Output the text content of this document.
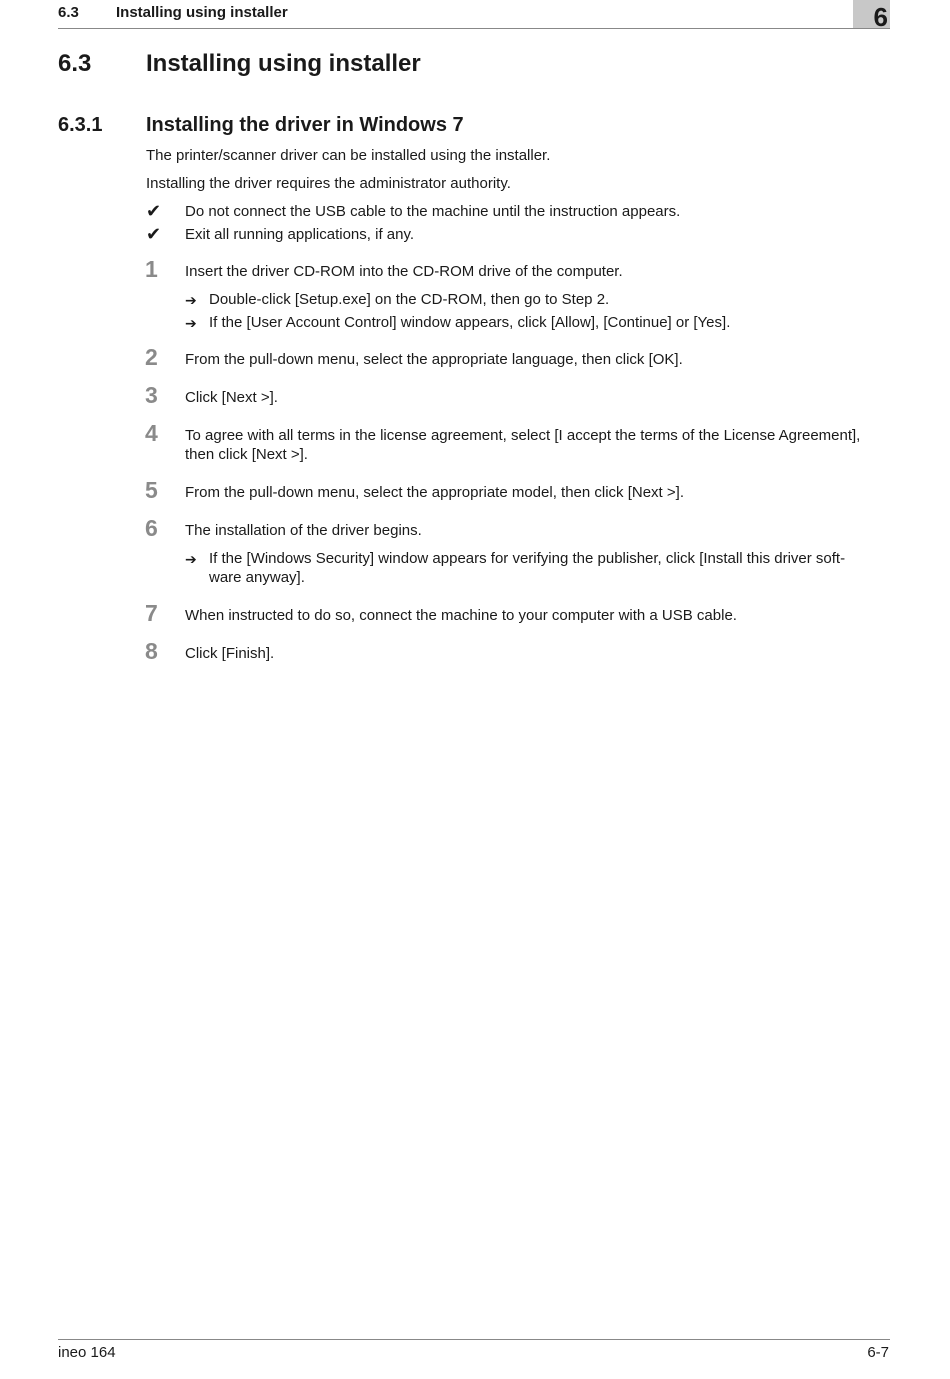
6.3 Installing using installer	6
6.3 Installing using installer
6.3.1 Installing the driver in Windows 7
The printer/scanner driver can be installed using the installer.
Installing the driver requires the administrator authority.
✔ Do not connect the USB cable to the machine until the instruction appears.
✔ Exit all running applications, if any.
1 Insert the driver CD-ROM into the CD-ROM drive of the computer.
➔ Double-click [Setup.exe] on the CD-ROM, then go to Step 2.
➔ If the [User Account Control] window appears, click [Allow], [Continue] or [Yes].
2 From the pull-down menu, select the appropriate language, then click [OK].
3 Click [Next >].
4 To agree with all terms in the license agreement, select [I accept the terms of the License Agreement],
then click [Next >].
5 From the pull-down menu, select the appropriate model, then click [Next >].
6 The installation of the driver begins.
➔ If the [Windows Security] window appears for verifying the publisher, click [Install this driver soft-
ware anyway].
7 When instructed to do so, connect the machine to your computer with a USB cable.
8 Click [Finish].
ineo 164	6-7
